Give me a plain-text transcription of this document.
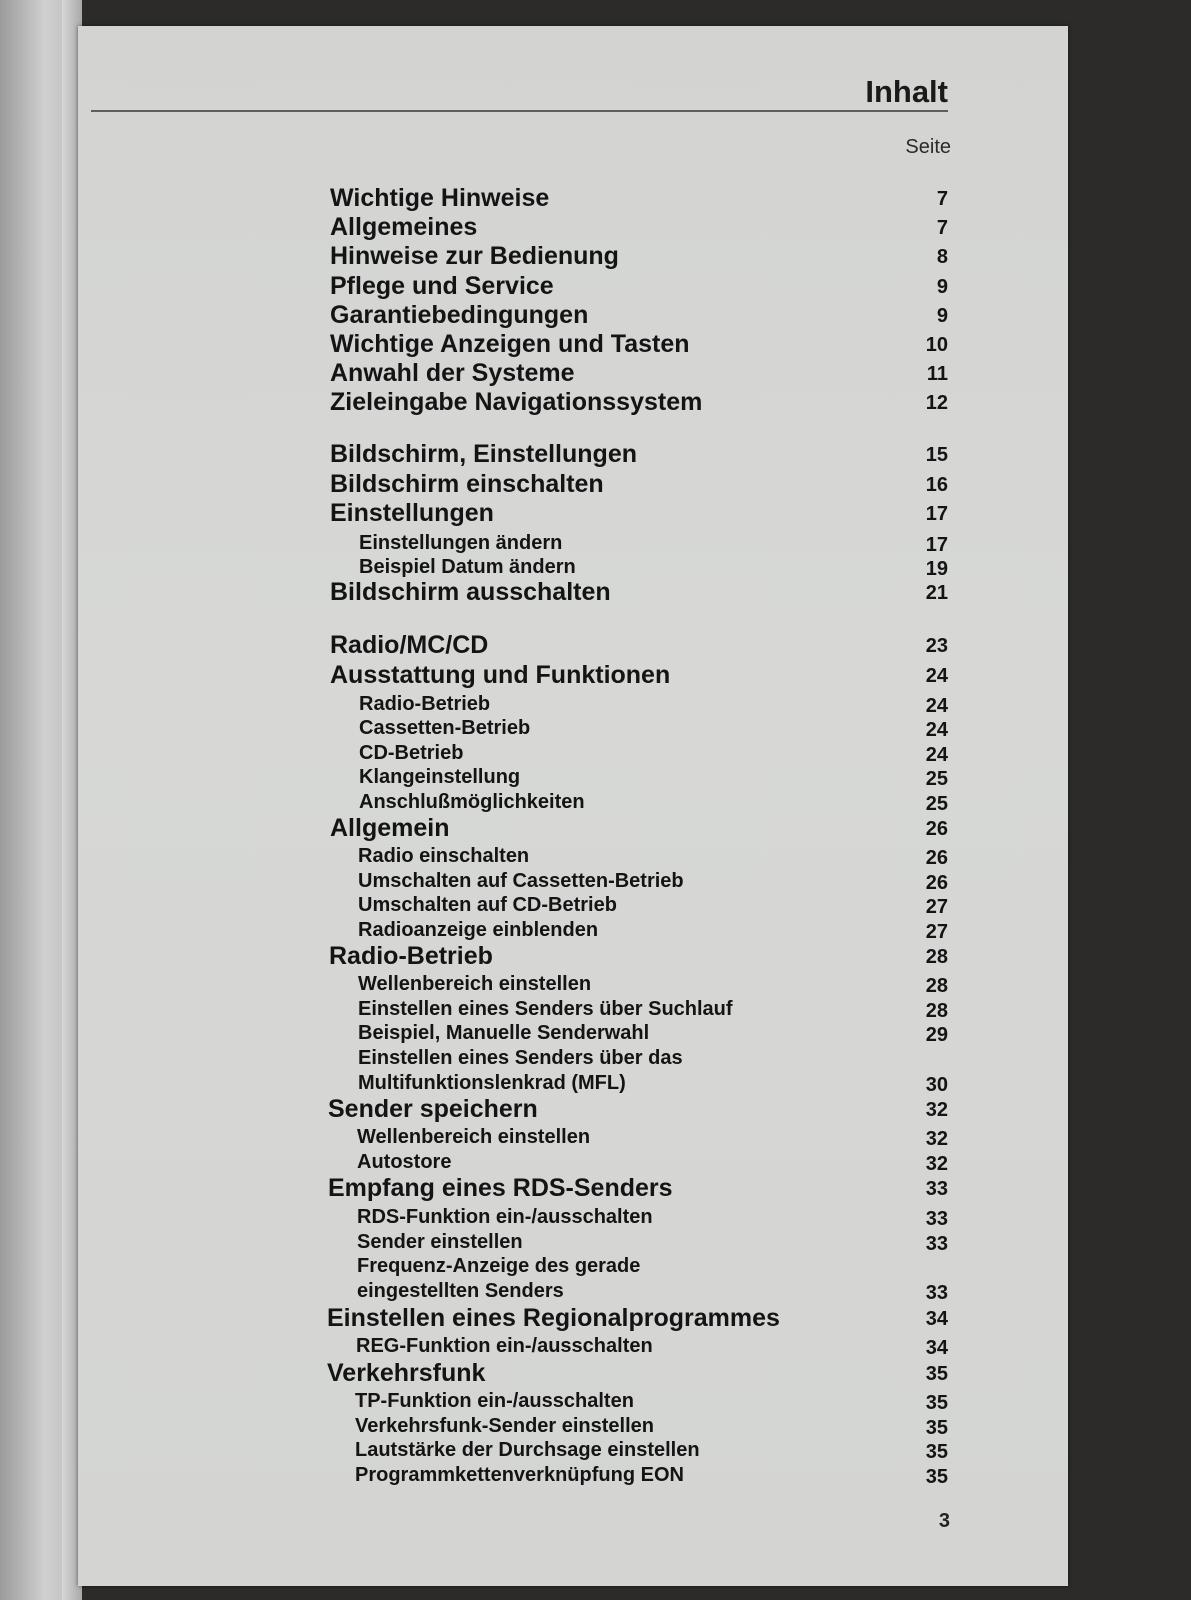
Inhalt
Seite
Wichtige Hinweise	7
Allgemeines	7
Hinweise zur Bedienung	8
Pflege und Service	9
Garantiebedingungen	9
Wichtige Anzeigen und Tasten	10
Anwahl der Systeme	11
Zieleingabe Navigationssystem	12
Bildschirm, Einstellungen	15
Bildschirm einschalten	16
Einstellungen	17
Einstellungen ändern	17
Beispiel Datum ändern	19
Bildschirm ausschalten	21
Radio/MC/CD	23
Ausstattung und Funktionen	24
Radio-Betrieb	24
Cassetten-Betrieb	24
CD-Betrieb	24
Klangeinstellung	25
Anschlußmöglichkeiten	25
Allgemein	26
Radio einschalten	26
Umschalten auf Cassetten-Betrieb	26
Umschalten auf CD-Betrieb	27
Radioanzeige einblenden	27
Radio-Betrieb	28
Wellenbereich einstellen	28
Einstellen eines Senders über Suchlauf	28
Beispiel, Manuelle Senderwahl	29
Einstellen eines Senders über das
Multifunktionslenkrad (MFL)	30
Sender speichern	32
Wellenbereich einstellen	32
Autostore	32
Empfang eines RDS-Senders	33
RDS-Funktion ein-/ausschalten	33
Sender einstellen	33
Frequenz-Anzeige des gerade
eingestellten Senders	33
Einstellen eines Regionalprogrammes	34
REG-Funktion ein-/ausschalten	34
Verkehrsfunk	35
TP-Funktion ein-/ausschalten	35
Verkehrsfunk-Sender einstellen	35
Lautstärke der Durchsage einstellen	35
Programmkettenverknüpfung EON	35
3
